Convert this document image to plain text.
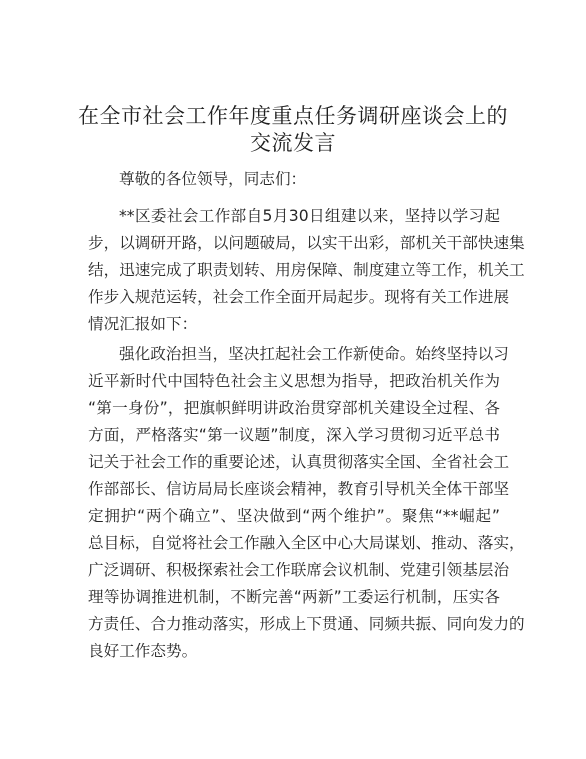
在全市社会工作年度重点任务调研座谈会上的
交流发言

尊敬的各位领导，同志们：

**区委社会工作部自5月30日组建以来，坚持以学习起
步，以调研开路，以问题破局，以实干出彩，部机关干部快速集
结，迅速完成了职责划转、用房保障、制度建立等工作，机关工
作步入规范运转，社会工作全面开局起步。现将有关工作进展
情况汇报如下：
强化政治担当，坚决扛起社会工作新使命。始终坚持以习
近平新时代中国特色社会主义思想为指导，把政治机关作为
“第一身份”，把旗帜鲜明讲政治贯穿部机关建设全过程、各
方面，严格落实“第一议题”制度，深入学习贯彻习近平总书
记关于社会工作的重要论述，认真贯彻落实全国、全省社会工
作部部长、信访局局长座谈会精神，教育引导机关全体干部坚
定拥护“两个确立”、坚决做到“两个维护”。聚焦“**崛起”
总目标，自觉将社会工作融入全区中心大局谋划、推动、落实，
广泛调研、积极探索社会工作联席会议机制、党建引领基层治
理等协调推进机制，不断完善“两新”工委运行机制，压实各
方责任、合力推动落实，形成上下贯通、同频共振、同向发力的
良好工作态势。
